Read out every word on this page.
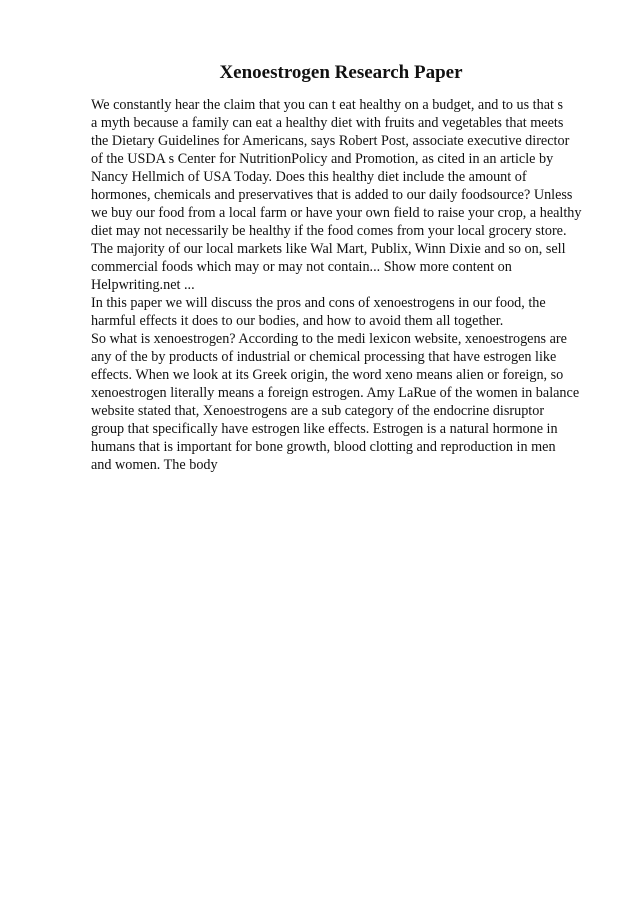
Xenoestrogen Research Paper
We constantly hear the claim that you can t eat healthy on a budget, and to us that s
a myth because a family can eat a healthy diet with fruits and vegetables that meets
the Dietary Guidelines for Americans, says Robert Post, associate executive director
of the USDA s Center for NutritionPolicy and Promotion, as cited in an article by
Nancy Hellmich of USA Today. Does this healthy diet include the amount of
hormones, chemicals and preservatives that is added to our daily foodsource? Unless
we buy our food from a local farm or have your own field to raise your crop, a healthy
diet may not necessarily be healthy if the food comes from your local grocery store.
The majority of our local markets like Wal Mart, Publix, Winn Dixie and so on, sell
commercial foods which may or may not contain... Show more content on
Helpwriting.net ...
In this paper we will discuss the pros and cons of xenoestrogens in our food, the
harmful effects it does to our bodies, and how to avoid them all together.
So what is xenoestrogen? According to the medi lexicon website, xenoestrogens are
any of the by products of industrial or chemical processing that have estrogen like
effects. When we look at its Greek origin, the word xeno means alien or foreign, so
xenoestrogen literally means a foreign estrogen. Amy LaRue of the women in balance
website stated that, Xenoestrogens are a sub category of the endocrine disruptor
group that specifically have estrogen like effects. Estrogen is a natural hormone in
humans that is important for bone growth, blood clotting and reproduction in men
and women. The body
